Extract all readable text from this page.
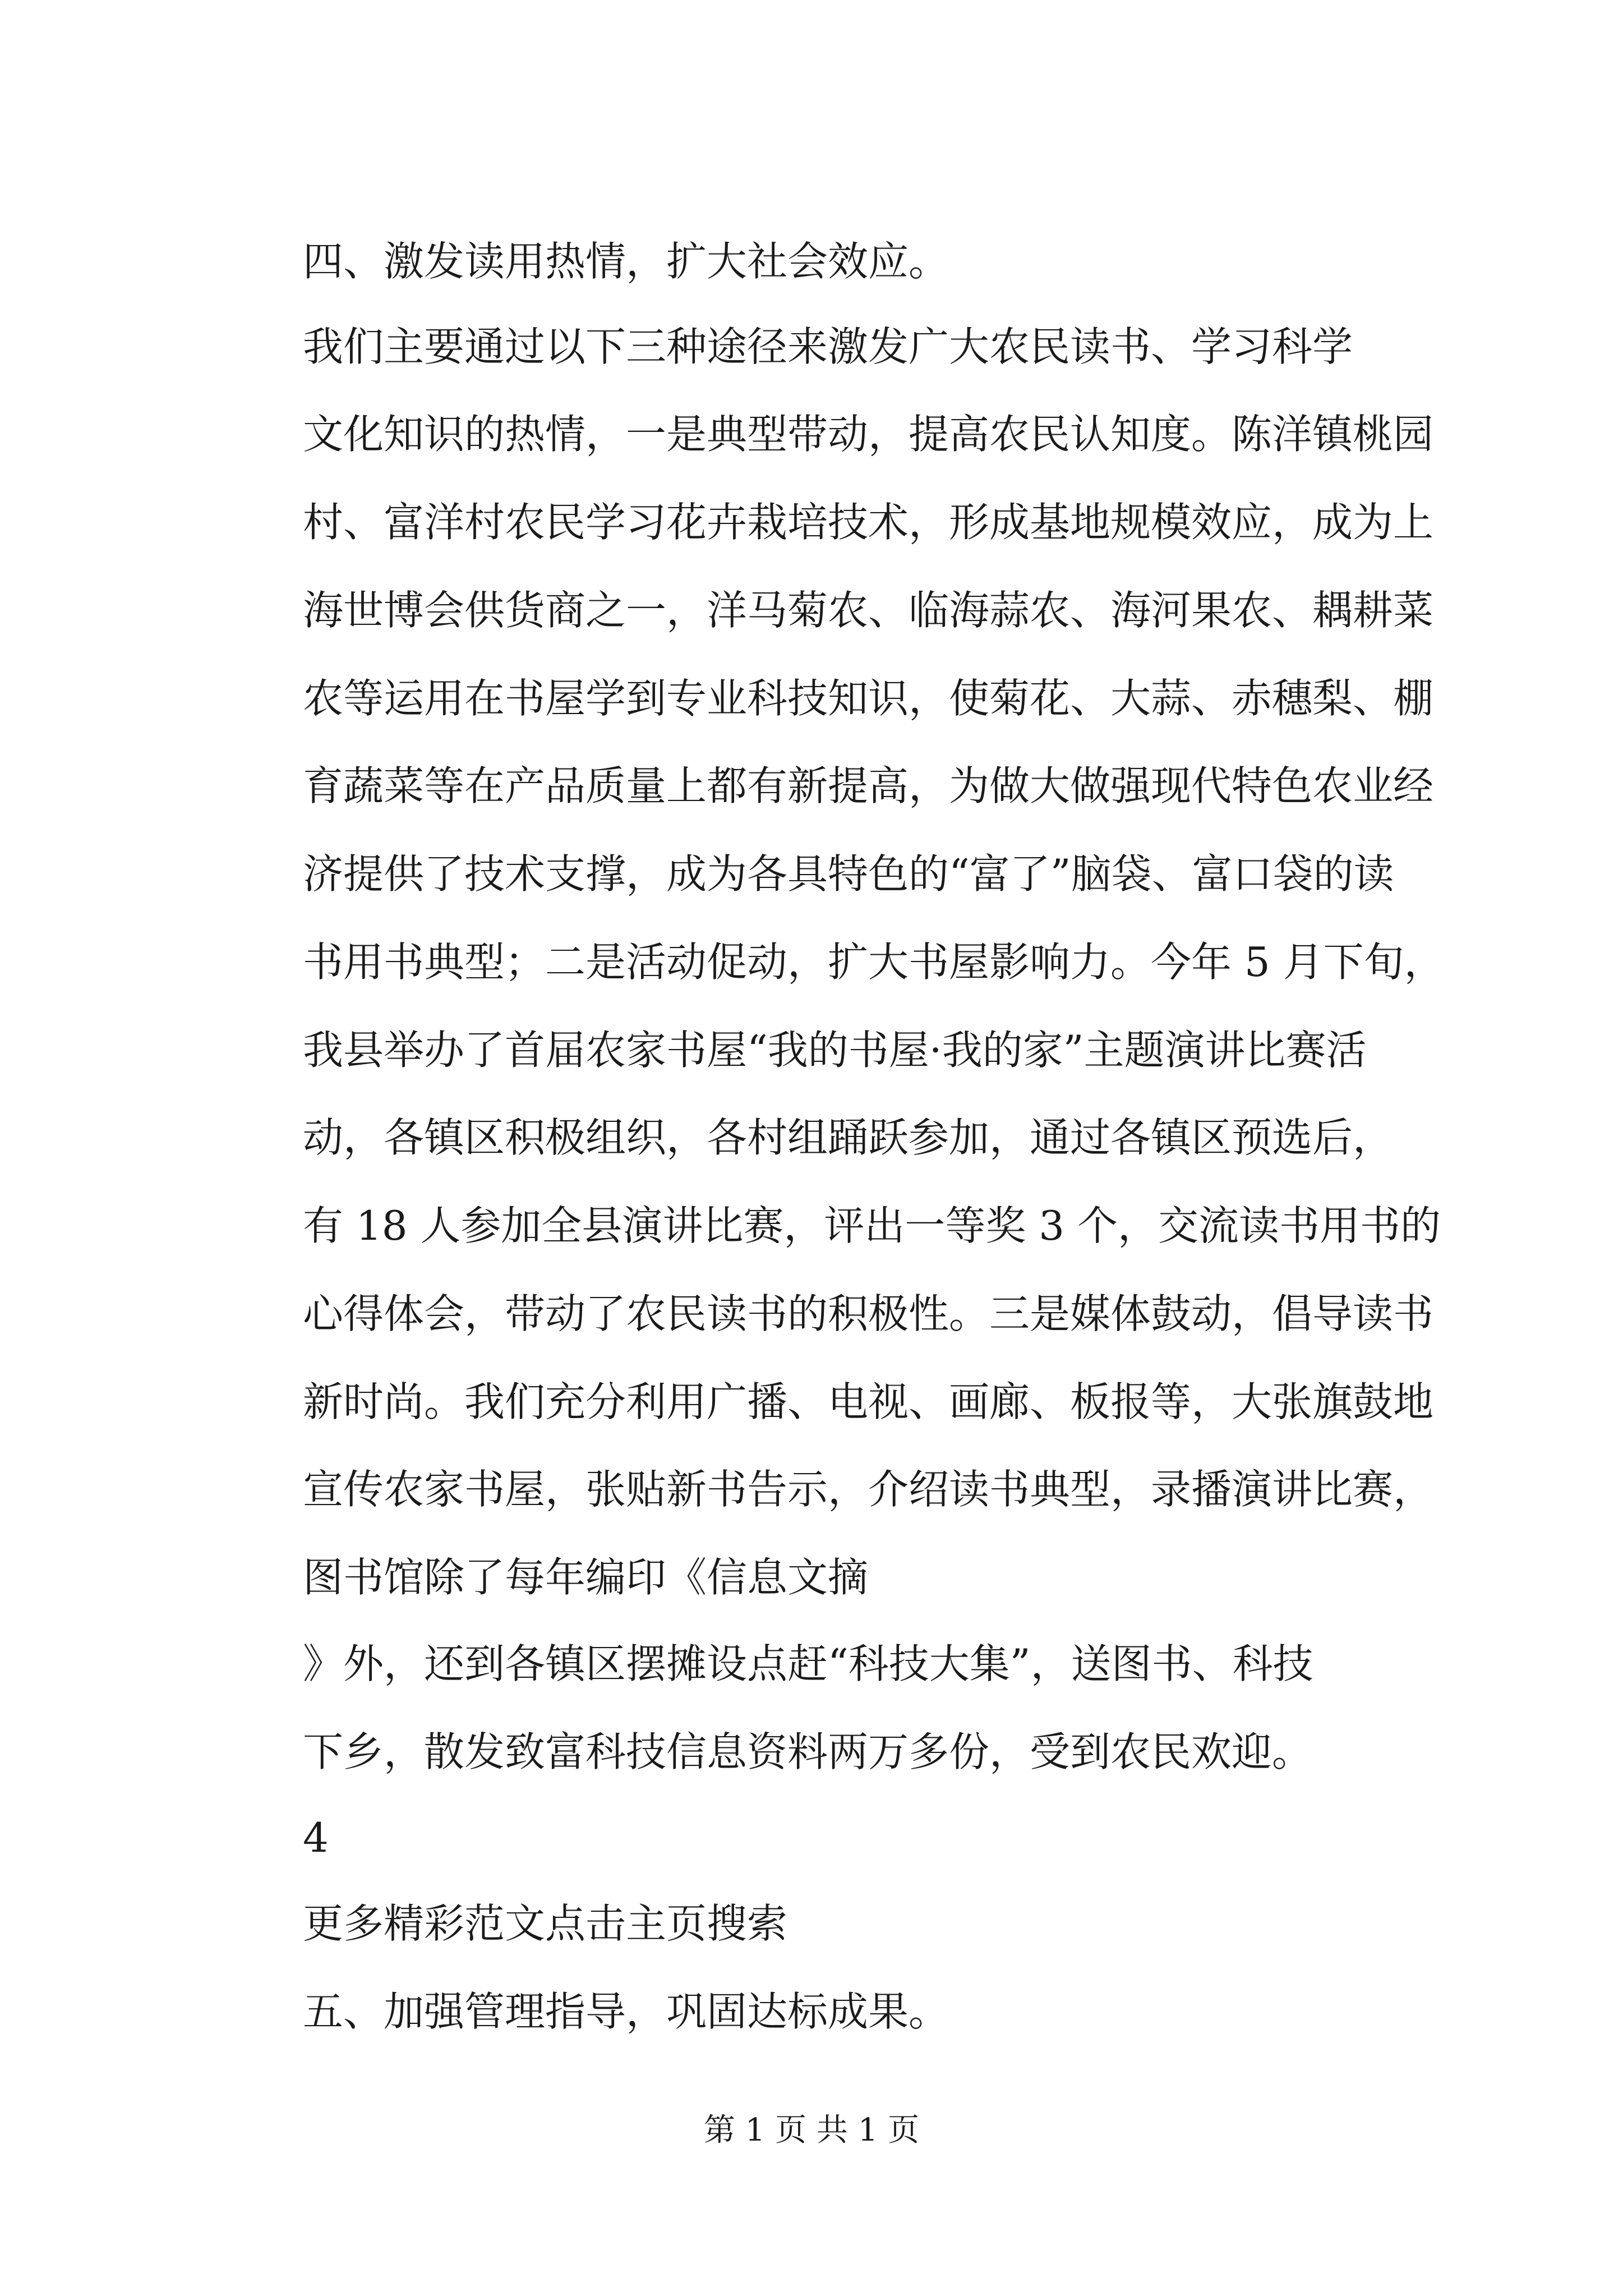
四、激发读用热情，扩大社会效应。
我们主要通过以下三种途径来激发广大农民读书、学习科学
文化知识的热情，一是典型带动，提高农民认知度。陈洋镇桃园
村、富洋村农民学习花卉栽培技术，形成基地规模效应，成为上
海世博会供货商之一，洋马菊农、临海蒜农、海河果农、耦耕菜
农等运用在书屋学到专业科技知识，使菊花、大蒜、赤穗梨、棚
育蔬菜等在产品质量上都有新提高，为做大做强现代特色农业经
济提供了技术支撑，成为各具特色的“富了”脑袋、富口袋的读
书用书典型；二是活动促动，扩大书屋影响力。今年 5 月下旬，
我县举办了首届农家书屋“我的书屋·我的家”主题演讲比赛活
动，各镇区积极组织，各村组踊跃参加，通过各镇区预选后，
有 18 人参加全县演讲比赛，评出一等奖 3 个，交流读书用书的
心得体会，带动了农民读书的积极性。三是媒体鼓动，倡导读书
新时尚。我们充分利用广播、电视、画廊、板报等，大张旗鼓地
宣传农家书屋，张贴新书告示，介绍读书典型，录播演讲比赛，
图书馆除了每年编印《信息文摘
》外，还到各镇区摆摊设点赶“科技大集”，送图书、科技
下乡，散发致富科技信息资料两万多份，受到农民欢迎。
4
更多精彩范文点击主页搜索
五、加强管理指导，巩固达标成果。
第 1 页 共 1 页
